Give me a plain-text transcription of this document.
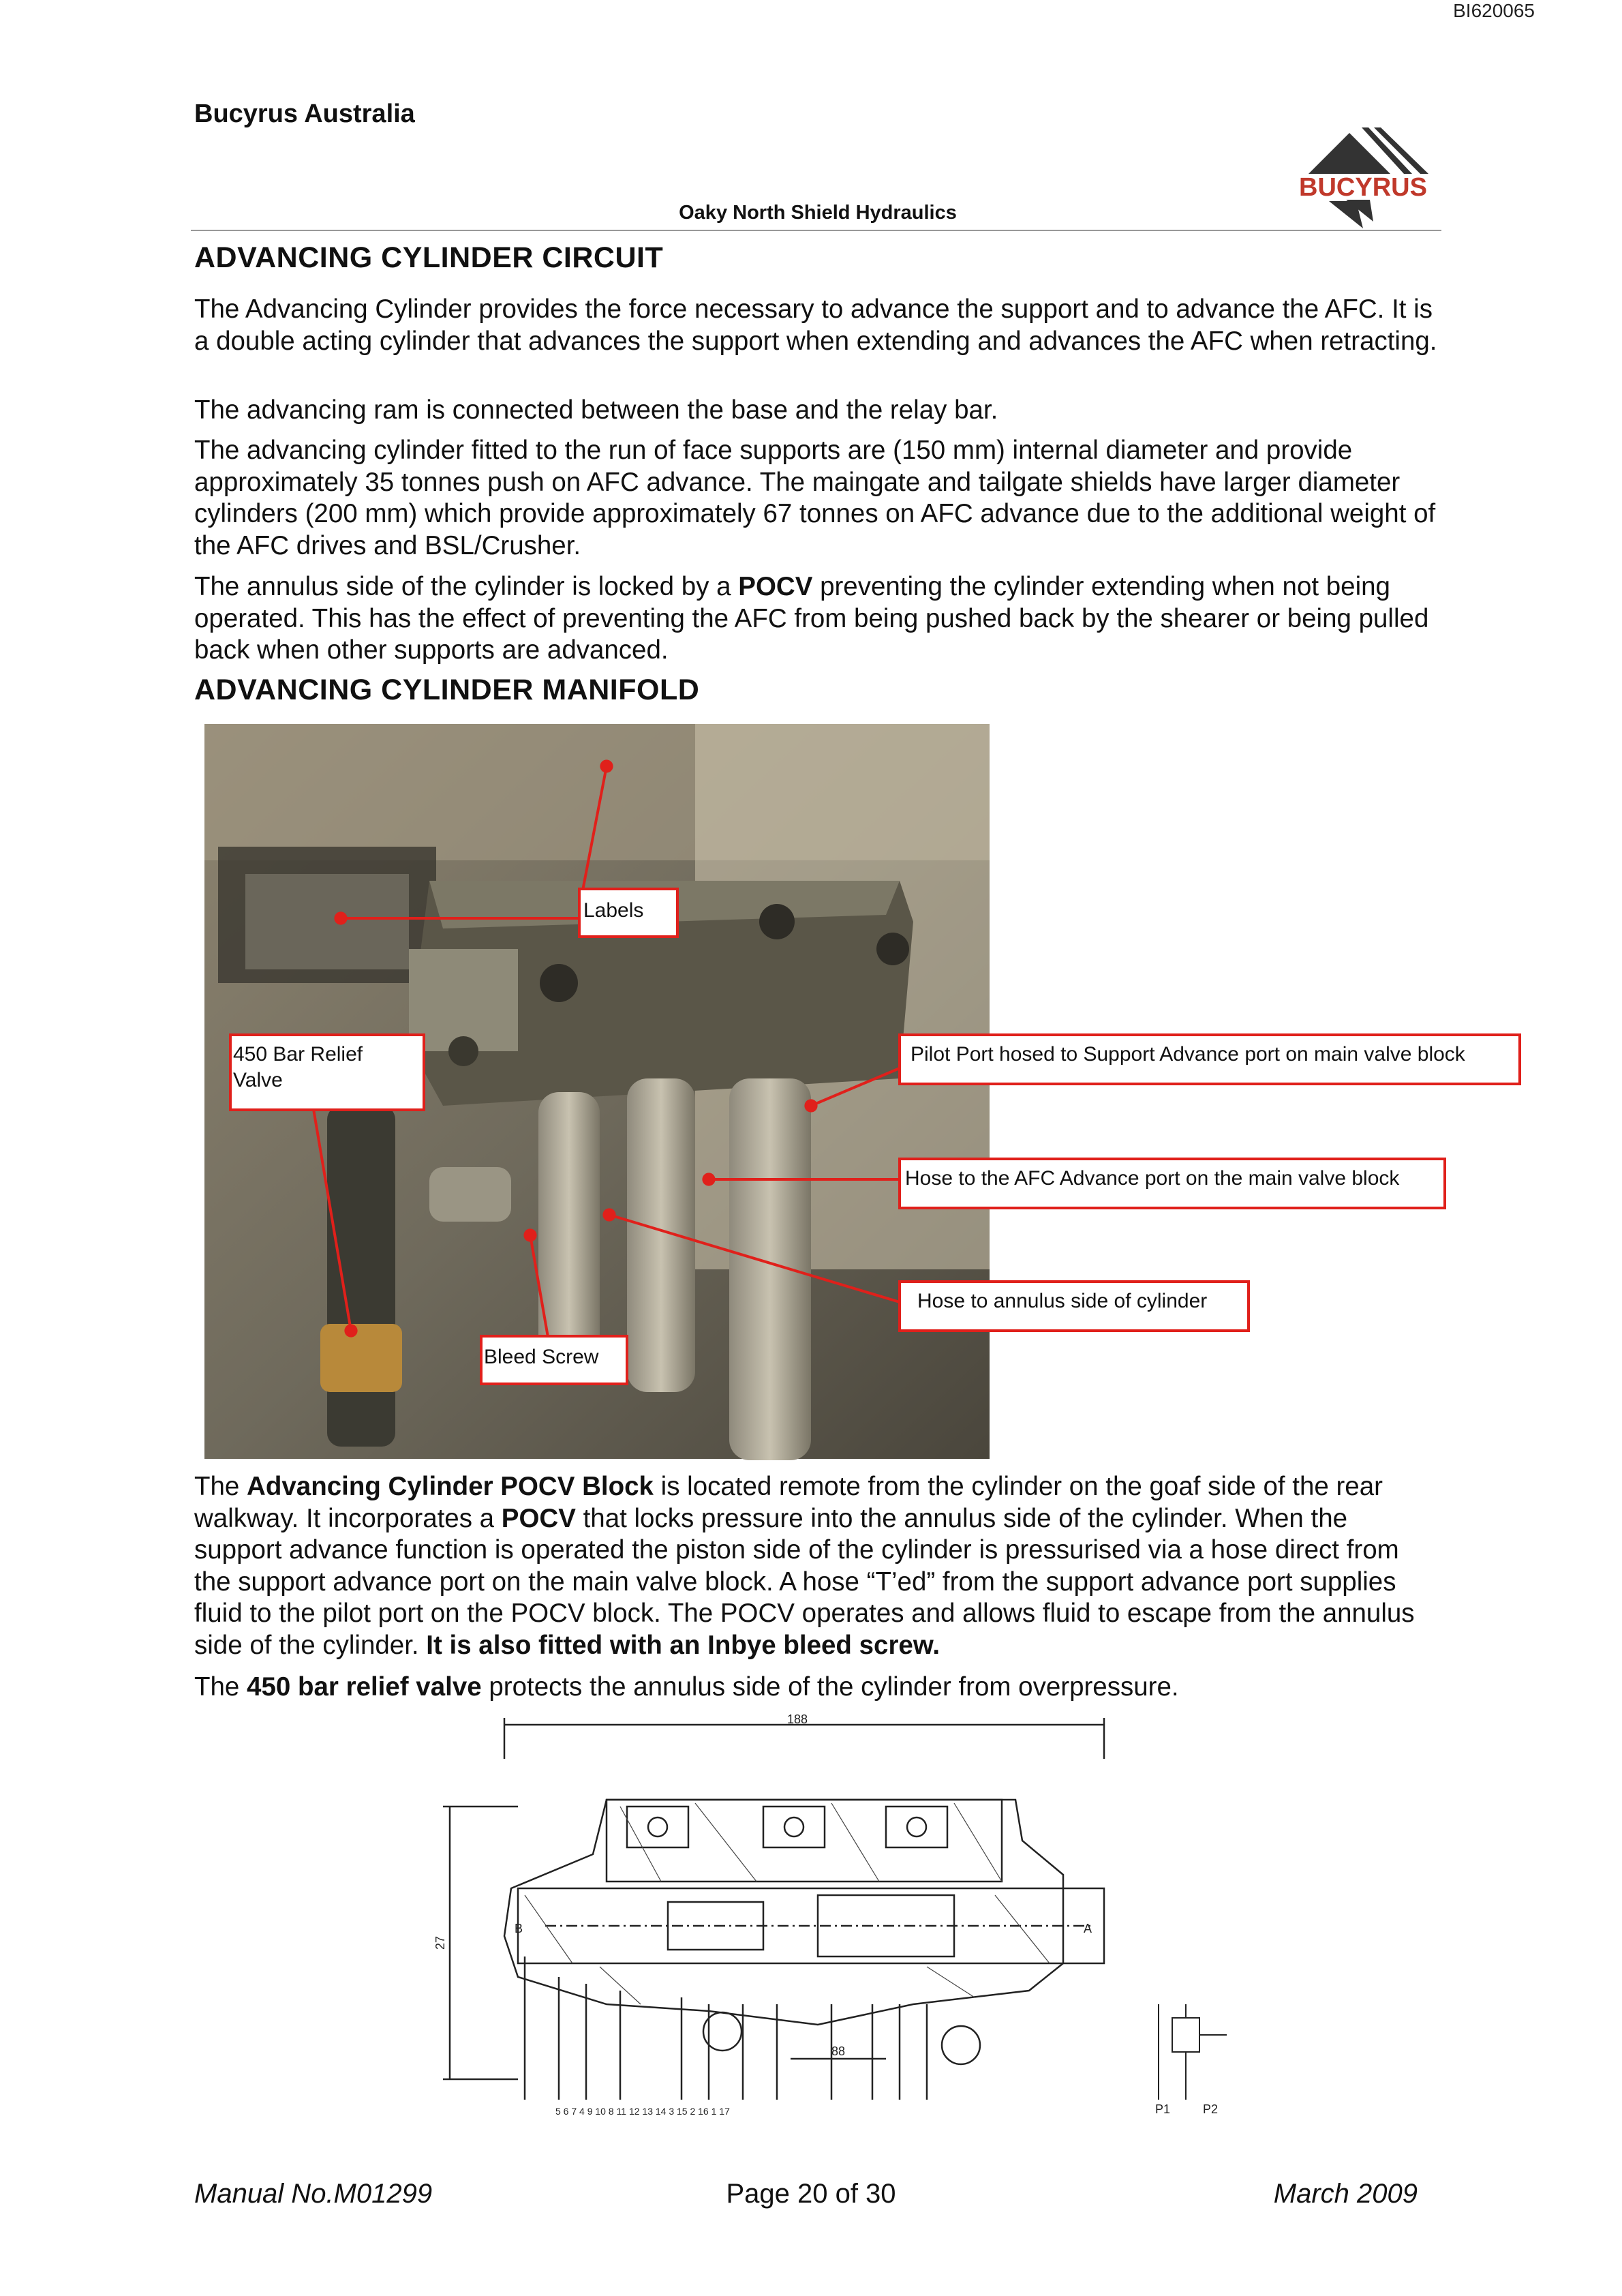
BI620065
Bucyrus Australia
BUCYRUS
Oaky North Shield Hydraulics
ADVANCING CYLINDER CIRCUIT
The Advancing Cylinder provides the force necessary to advance the support and to advance the AFC. It is a double acting cylinder that advances the support when extending and advances the AFC when retracting.
The advancing ram is connected between the base and the relay bar.
The advancing cylinder fitted to the run of face supports are (150 mm) internal diameter and provide approximately 35 tonnes push on AFC advance. The maingate and tailgate shields have larger diameter cylinders (200 mm) which provide approximately 67 tonnes on AFC advance due to the additional weight of the AFC drives and BSL/Crusher.
The annulus side of the cylinder is locked by a POCV preventing the cylinder extending when not being operated. This has the effect of preventing the AFC from being pushed back by the shearer or being pulled back when other supports are advanced.
ADVANCING CYLINDER MANIFOLD
Labels
450 Bar Relief
Valve
Pilot Port hosed to Support Advance port on main valve block
Hose to the AFC Advance port on the main valve block
Hose to annulus side of cylinder
Bleed Screw
The Advancing Cylinder POCV Block is located remote from the cylinder on the goaf side of the rear walkway. It incorporates a POCV that locks pressure into the annulus side of the cylinder. When the support advance function is operated the piston side of the cylinder is pressurised via a hose direct from the support advance port on the main valve block. A hose “T’ed” from the support advance port supplies fluid to the pilot port on the POCV block. The POCV operates and allows fluid to escape from the annulus side of the cylinder. It is also fitted with an Inbye bleed screw.
The 450 bar relief valve protects the annulus side of the cylinder from overpressure.
188
27
88
B	A
P1	P2
5 6 7 4 9 10 8 11 12 13 14 3 15 2 16 1 17
Manual No.M01299	Page 20 of 30	March 2009
